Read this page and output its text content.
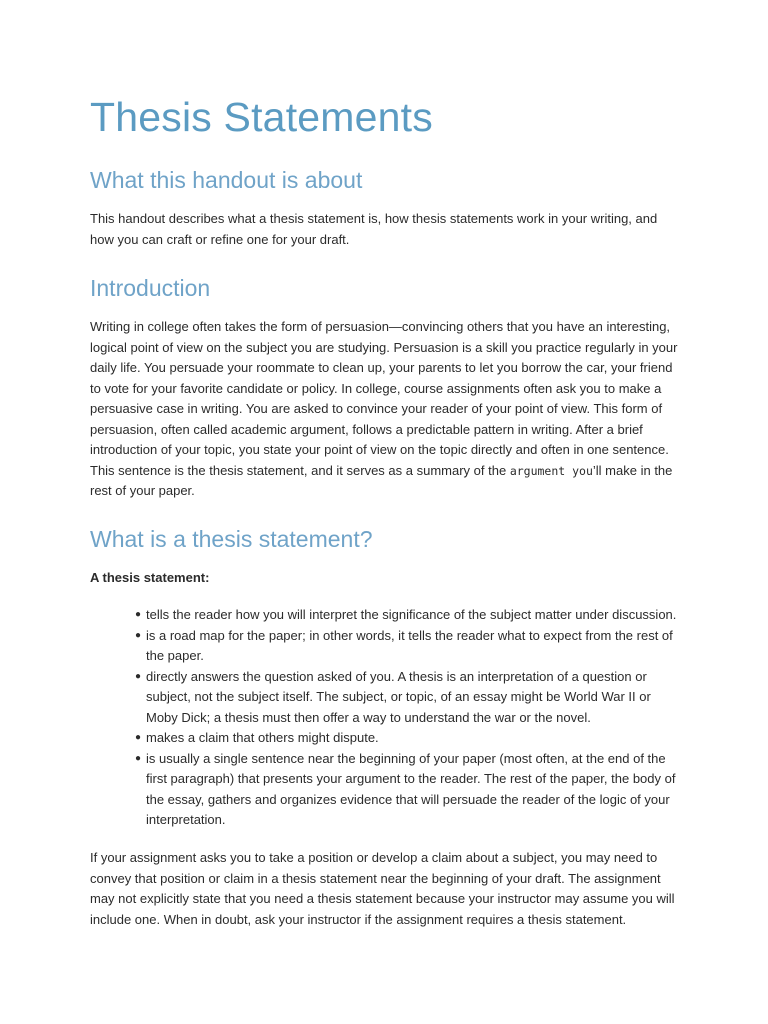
Thesis Statements
What this handout is about

This handout describes what a thesis statement is, how thesis statements work in your writing, and how you can craft or refine one for your draft.

Introduction

Writing in college often takes the form of persuasion—convincing others that you have an interesting, logical point of view on the subject you are studying. Persuasion is a skill you practice regularly in your daily life. You persuade your roommate to clean up, your parents to let you borrow the car, your friend to vote for your favorite candidate or policy. In college, course assignments often ask you to make a persuasive case in writing. You are asked to convince your reader of your point of view. This form of persuasion, often called academic argument, follows a predictable pattern in writing. After a brief introduction of your topic, you state your point of view on the topic directly and often in one sentence. This sentence is the thesis statement, and it serves as a summary of the argument you’ll make in the rest of your paper.

What is a thesis statement?

A thesis statement:

● tells the reader how you will interpret the significance of the subject matter under discussion.
● is a road map for the paper; in other words, it tells the reader what to expect from the rest of the paper.
● directly answers the question asked of you. A thesis is an interpretation of a question or subject, not the subject itself. The subject, or topic, of an essay might be World War II or Moby Dick; a thesis must then offer a way to understand the war or the novel.
● makes a claim that others might dispute.
● is usually a single sentence near the beginning of your paper (most often, at the end of the first paragraph) that presents your argument to the reader. The rest of the paper, the body of the essay, gathers and organizes evidence that will persuade the reader of the logic of your interpretation.

If your assignment asks you to take a position or develop a claim about a subject, you may need to convey that position or claim in a thesis statement near the beginning of your draft. The assignment may not explicitly state that you need a thesis statement because your instructor may assume you will include one. When in doubt, ask your instructor if the assignment requires a thesis statement.
